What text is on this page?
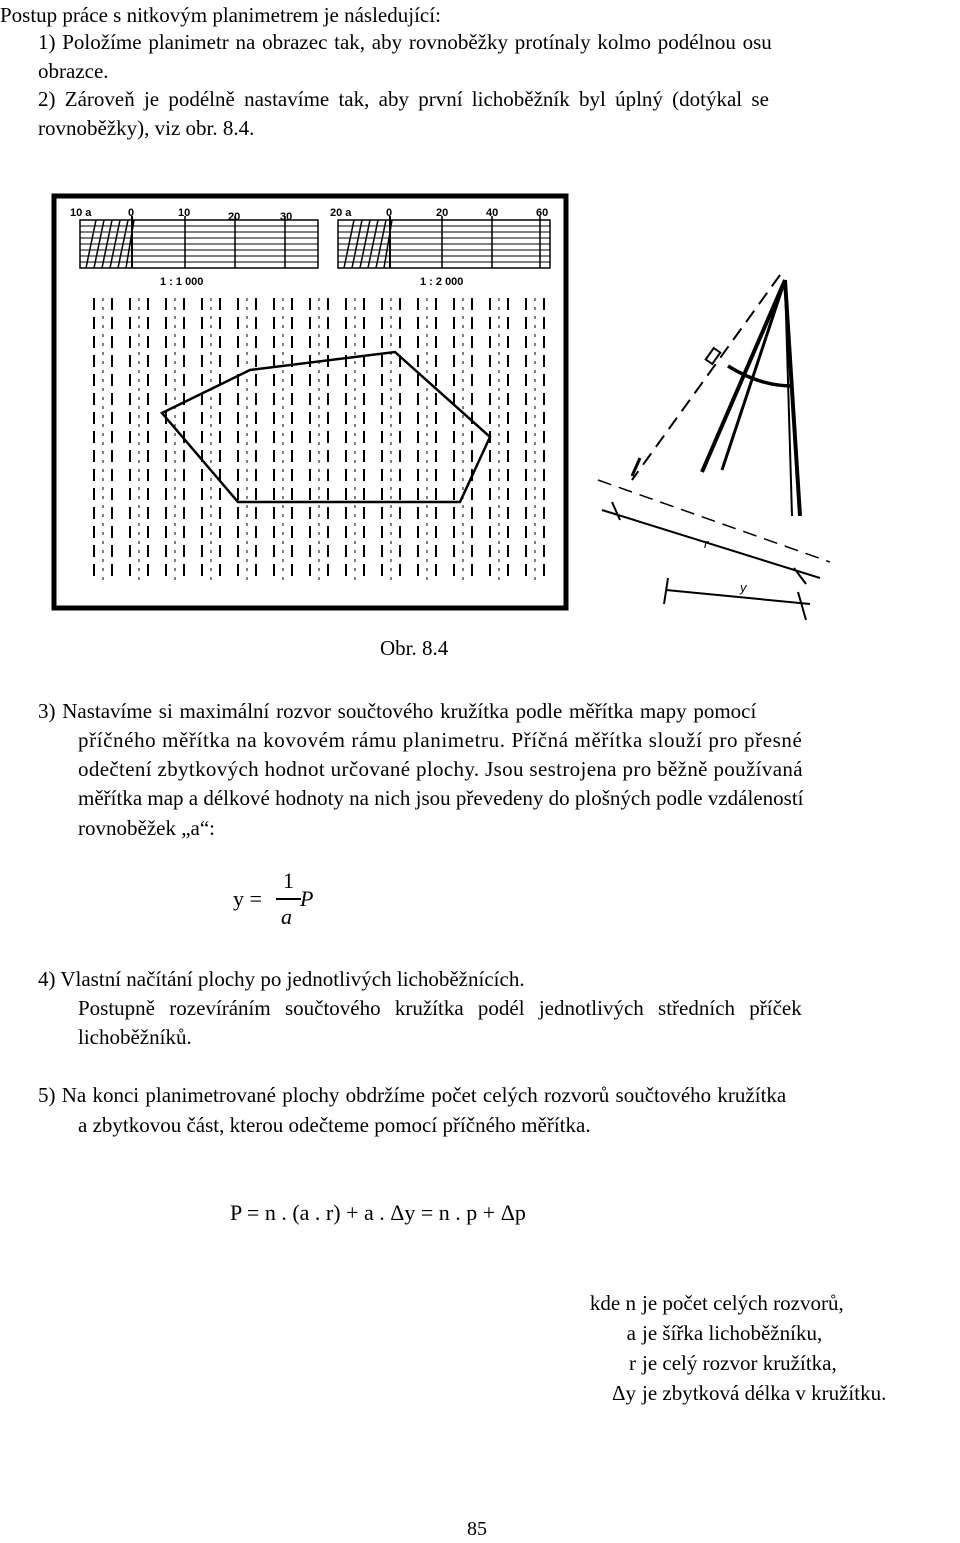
Postup práce s nitkovým planimetrem je následující:
1) Položíme planimetr na obrazec tak, aby rovnoběžky protínaly kolmo podélnou osu
obrazce.
2) Zároveň je podélně nastavíme tak, aby první lichoběžník byl úplný (dotýkal se
rovnoběžky), viz obr. 8.4.
10 a	0	10	20	30
1 : 1 000
20 a	0	20	40	60
1 : 2 000
r
y
Obr. 8.4
3) Nastavíme si maximální rozvor součtového kružítka podle měřítka mapy pomocí
příčného měřítka na kovovém rámu planimetru. Příčná měřítka slouží pro přesné
odečtení zbytkových hodnot určované plochy. Jsou sestrojena pro běžně používaná
měřítka map a délkové hodnoty na nich jsou převedeny do plošných podle vzdáleností
rovnoběžek „a“:
y =
1
a
P
4) Vlastní načítání plochy po jednotlivých lichoběžnících.
Postupně rozevíráním součtového kružítka podél jednotlivých středních příček
lichoběžníků.
5) Na konci planimetrované plochy obdržíme počet celých rozvorů součtového kružítka
a zbytkovou část, kterou odečteme pomocí příčného měřítka.
P = n . (a . r) + a . Δy = n . p + Δp
kde n je počet celých rozvorů,
a je šířka lichoběžníku,
r je celý rozvor kružítka,
Δy je zbytková délka v kružítku.
85
